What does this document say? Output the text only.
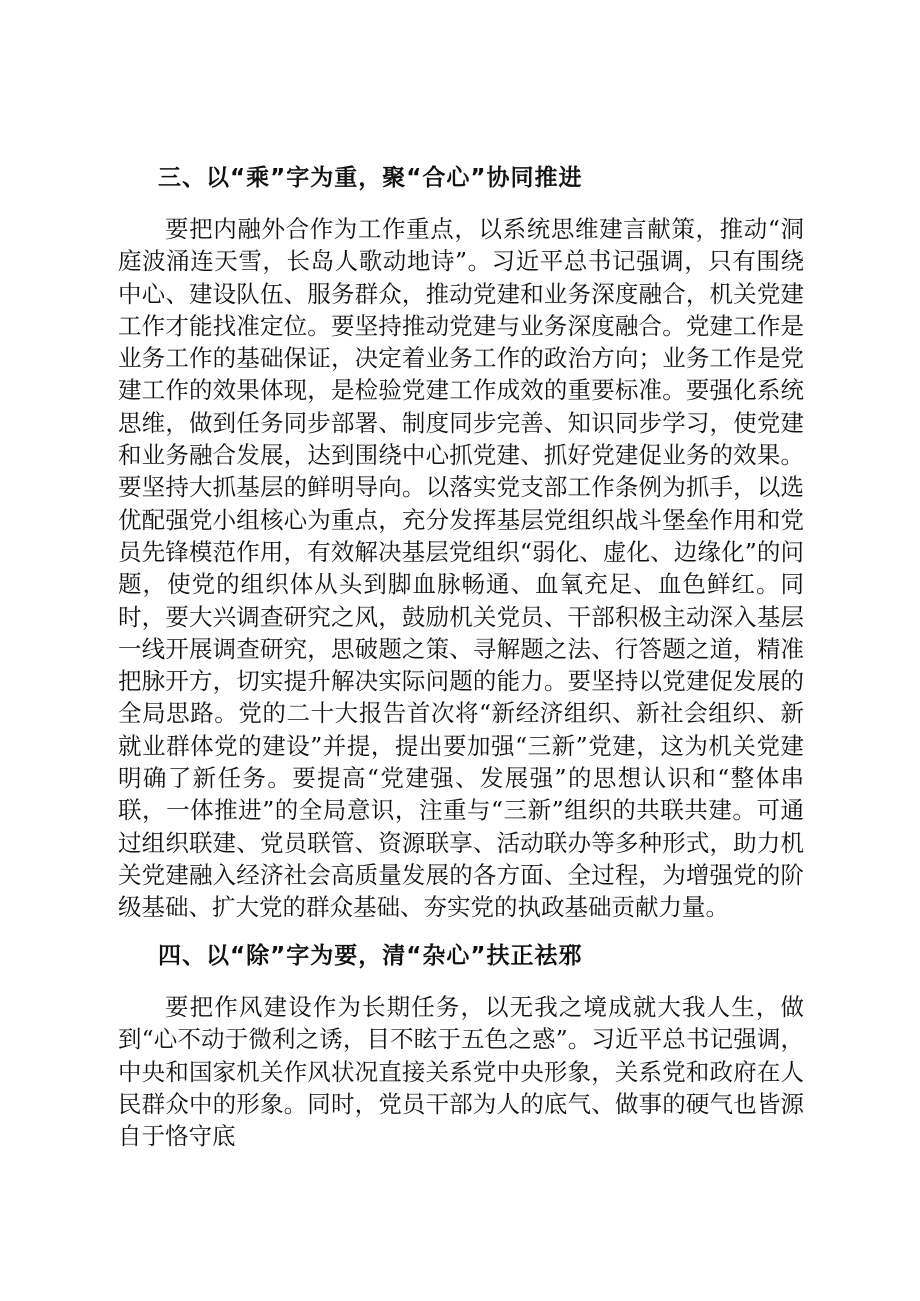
三、以“乘”字为重，聚“合心”协同推进

要把内融外合作为工作重点，以系统思维建言献策，推动“洞庭波涌连天雪，长岛人歌动地诗”。习近平总书记强调，只有围绕中心、建设队伍、服务群众，推动党建和业务深度融合，机关党建工作才能找准定位。要坚持推动党建与业务深度融合。党建工作是业务工作的基础保证，决定着业务工作的政治方向；业务工作是党建工作的效果体现，是检验党建工作成效的重要标准。要强化系统思维，做到任务同步部署、制度同步完善、知识同步学习，使党建和业务融合发展，达到围绕中心抓党建、抓好党建促业务的效果。要坚持大抓基层的鲜明导向。以落实党支部工作条例为抓手，以选优配强党小组核心为重点，充分发挥基层党组织战斗堡垒作用和党员先锋模范作用，有效解决基层党组织“弱化、虚化、边缘化”的问题，使党的组织体从头到脚血脉畅通、血氧充足、血色鲜红。同时，要大兴调查研究之风，鼓励机关党员、干部积极主动深入基层一线开展调查研究，思破题之策、寻解题之法、行答题之道，精准把脉开方，切实提升解决实际问题的能力。要坚持以党建促发展的全局思路。党的二十大报告首次将“新经济组织、新社会组织、新就业群体党的建设”并提，提出要加强“三新”党建，这为机关党建明确了新任务。要提高“党建强、发展强”的思想认识和“整体串联，一体推进”的全局意识，注重与“三新”组织的共联共建。可通过组织联建、党员联管、资源联享、活动联办等多种形式，助力机关党建融入经济社会高质量发展的各方面、全过程，为增强党的阶级基础、扩大党的群众基础、夯实党的执政基础贡献力量。

四、以“除”字为要，清“杂心”扶正祛邪

要把作风建设作为长期任务，以无我之境成就大我人生，做到“心不动于微利之诱，目不眩于五色之惑”。习近平总书记强调，中央和国家机关作风状况直接关系党中央形象，关系党和政府在人民群众中的形象。同时，党员干部为人的底气、做事的硬气也皆源自于恪守底
